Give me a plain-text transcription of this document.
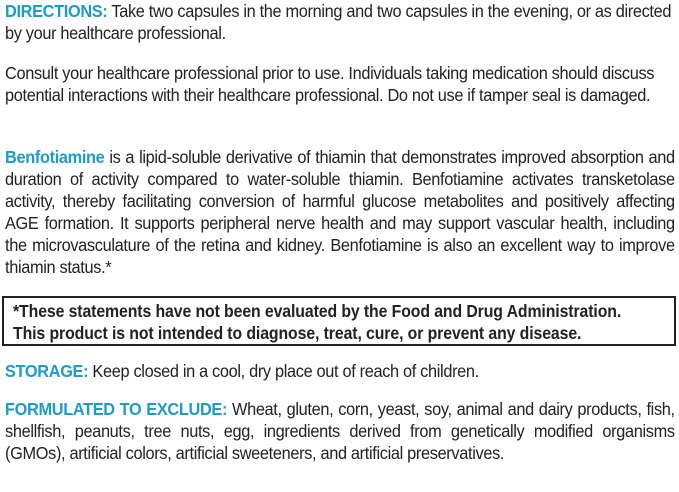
DIRECTIONS: Take two capsules in the morning and two capsules in the evening, or as directed by your healthcare professional.

Consult your healthcare professional prior to use. Individuals taking medication should discuss potential interactions with their healthcare professional. Do not use if tamper seal is damaged.

Benfotiamine is a lipid-soluble derivative of thiamin that demonstrates improved absorption and duration of activity compared to water-soluble thiamin. Benfotiamine activates transketolase activity, thereby facilitating conversion of harmful glucose metabolites and positively affecting AGE formation. It supports peripheral nerve health and may support vascular health, including the microvasculature of the retina and kidney. Benfotiamine is also an excellent way to improve thiamin status.*

*These statements have not been evaluated by the Food and Drug Administration.

This product is not intended to diagnose, treat, cure, or prevent any disease.

STORAGE: Keep closed in a cool, dry place out of reach of children.

FORMULATED TO EXCLUDE: Wheat, gluten, corn, yeast, soy, animal and dairy products, fish, shellfish, peanuts, tree nuts, egg, ingredients derived from genetically modified organisms (GMOs), artificial colors, artificial sweeteners, and artificial preservatives.
